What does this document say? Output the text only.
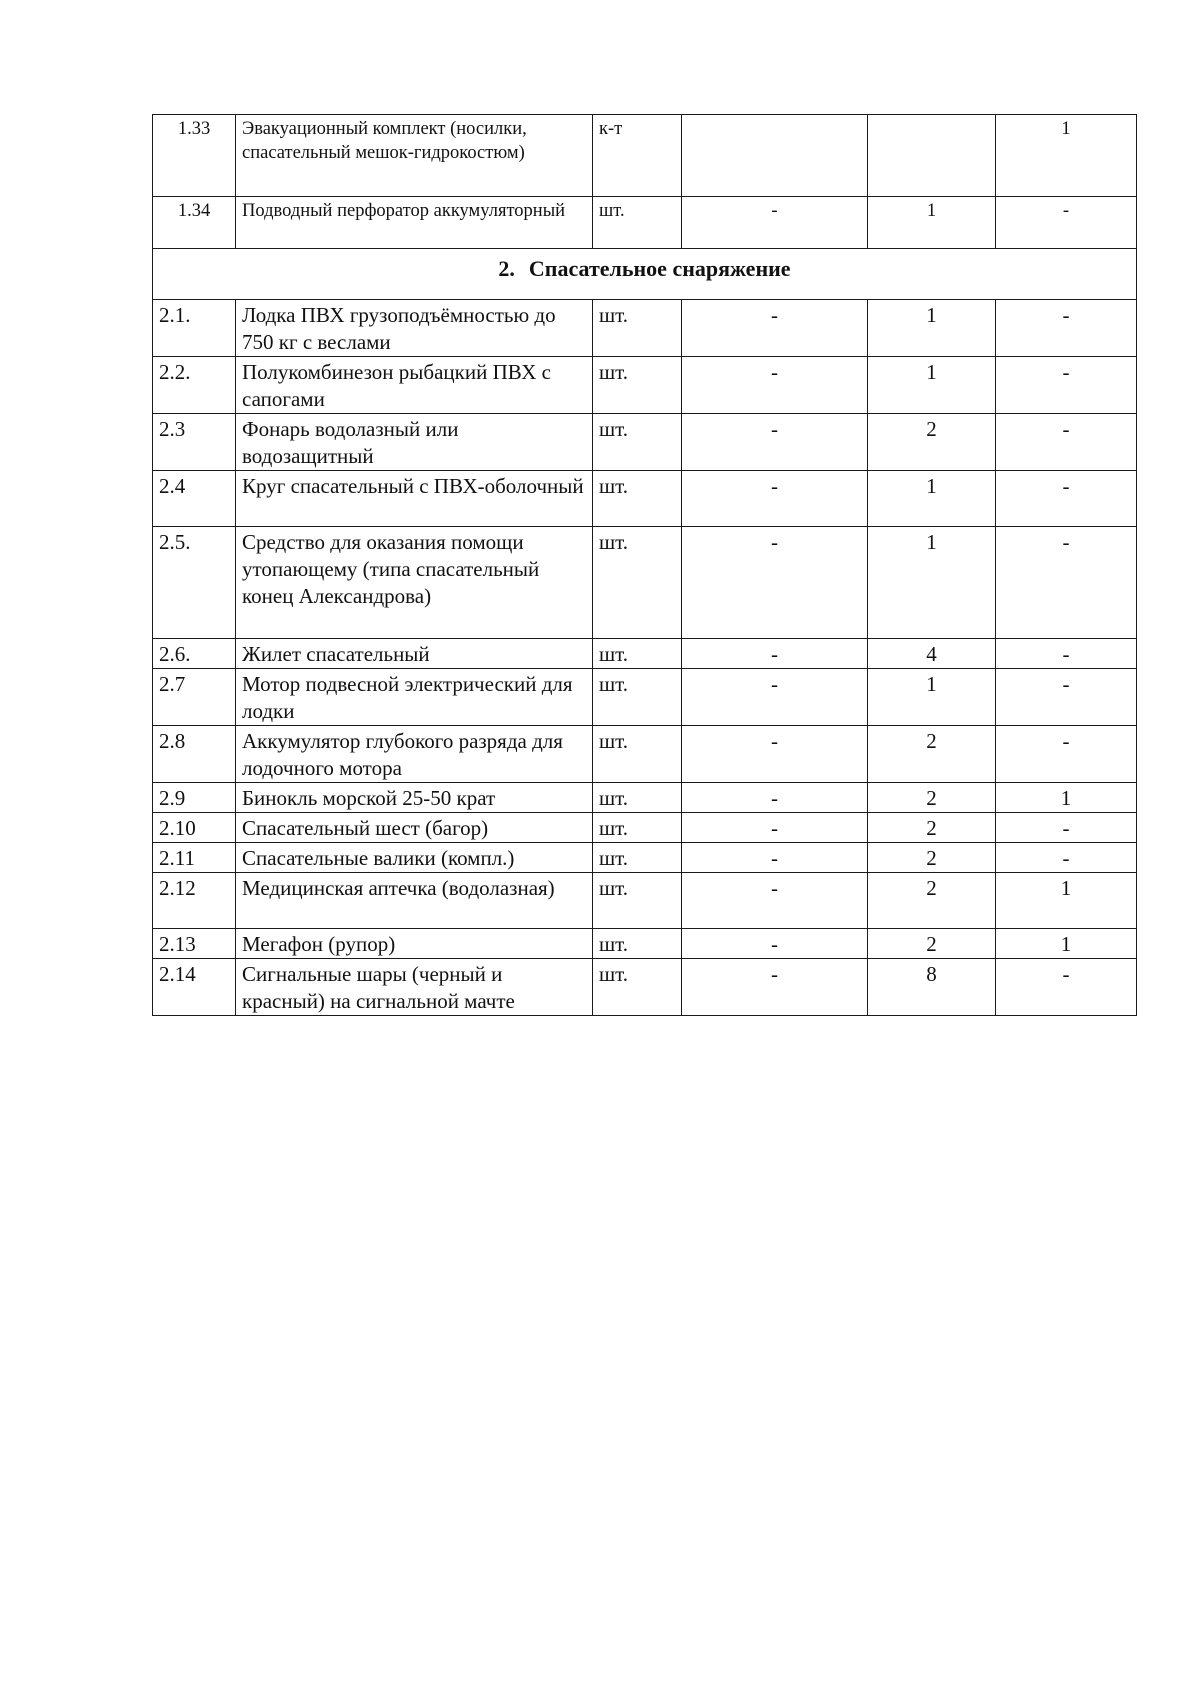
1.33	Эвакуационный комплект (носилки, спасательный мешок-гидрокостюм)	к-т			1

1.34	Подводный перфоратор аккумуляторный	шт.	-	1	-

2. Спасательное снаряжение					
2.1.	Лодка ПВХ грузоподъёмностью до 750 кг с веслами	шт.	-	1	-

2.2.	Полукомбинезон рыбацкий ПВХ с сапогами	шт.	-	1	-

2.3	Фонарь водолазный или водозащитный	шт.	-	2	-

2.4	Круг спасательный с ПВХ-оболочный	шт.	-	1	-

2.5.	Средство для оказания помощи утопающему (типа спасательный конец Александрова)	шт.	-	1	-

2.6.	Жилет спасательный	шт.	-	4	-

2.7	Мотор подвесной электрический для лодки	шт.	-	1	-

2.8	Аккумулятор глубокого разряда для лодочного мотора	шт.	-	2	-

2.9	Бинокль морской 25-50 крат	шт.	-	2	1

2.10	Спасательный шест (багор)	шт.	-	2	-

2.11	Спасательные валики (компл.)	шт.	-	2	-

2.12	Медицинская аптечка (водолазная)	шт.	-	2	1

2.13	Мегафон (рупор)	шт.	-	2	1

2.14	Сигнальные шары (черный и красный) на сигнальной мачте	шт.	-	8	-
